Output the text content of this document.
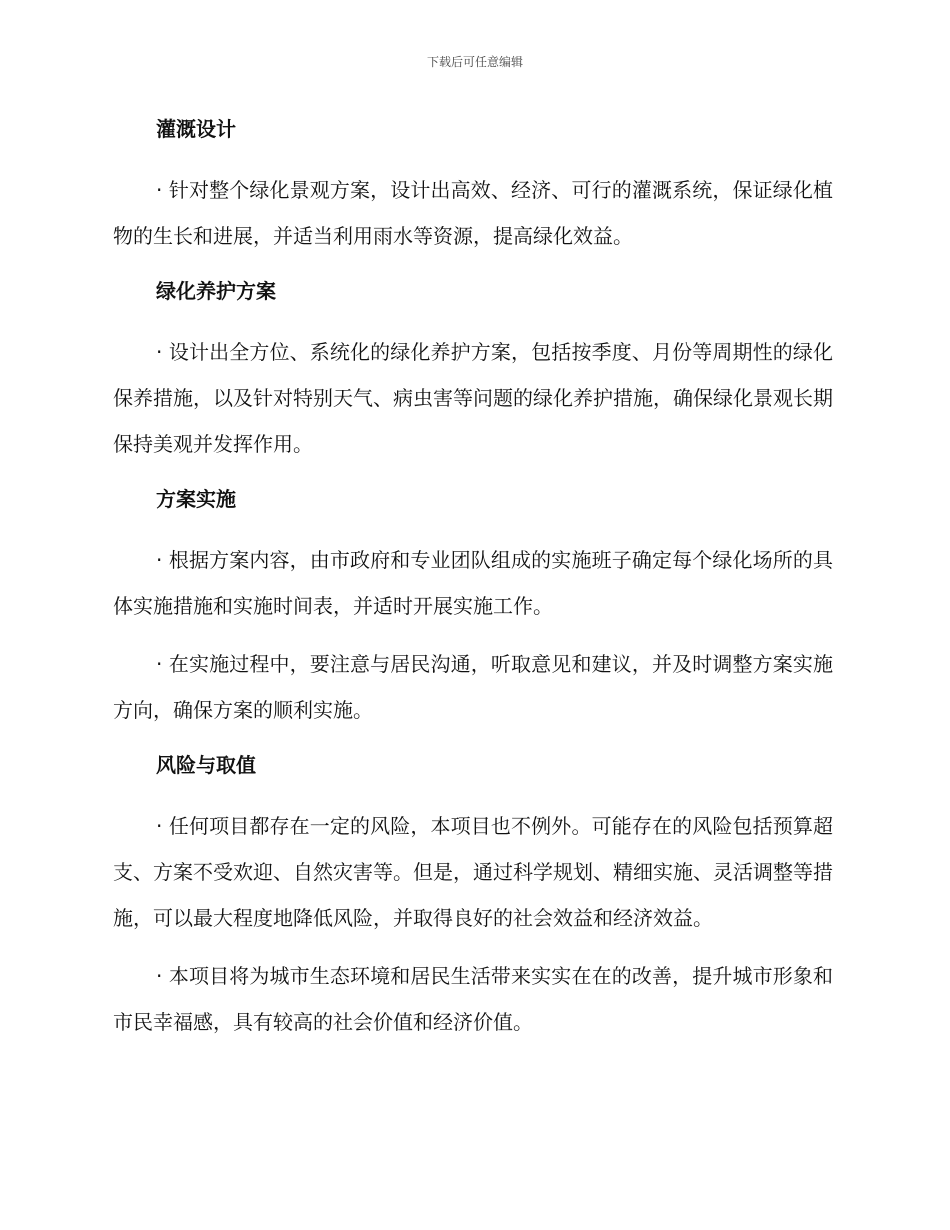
下载后可任意编辑
灌溉设计

· 针对整个绿化景观方案，设计出高效、经济、可行的灌溉系统，保证绿化植物的生长和进展，并适当利用雨水等资源，提高绿化效益。

绿化养护方案

· 设计出全方位、系统化的绿化养护方案，包括按季度、月份等周期性的绿化保养措施，以及针对特别天气、病虫害等问题的绿化养护措施，确保绿化景观长期保持美观并发挥作用。

方案实施

· 根据方案内容，由市政府和专业团队组成的实施班子确定每个绿化场所的具体实施措施和实施时间表，并适时开展实施工作。

· 在实施过程中，要注意与居民沟通，听取意见和建议，并及时调整方案实施方向，确保方案的顺利实施。

风险与取值

· 任何项目都存在一定的风险，本项目也不例外。可能存在的风险包括预算超支、方案不受欢迎、自然灾害等。但是，通过科学规划、精细实施、灵活调整等措施，可以最大程度地降低风险，并取得良好的社会效益和经济效益。

· 本项目将为城市生态环境和居民生活带来实实在在的改善，提升城市形象和市民幸福感，具有较高的社会价值和经济价值。
